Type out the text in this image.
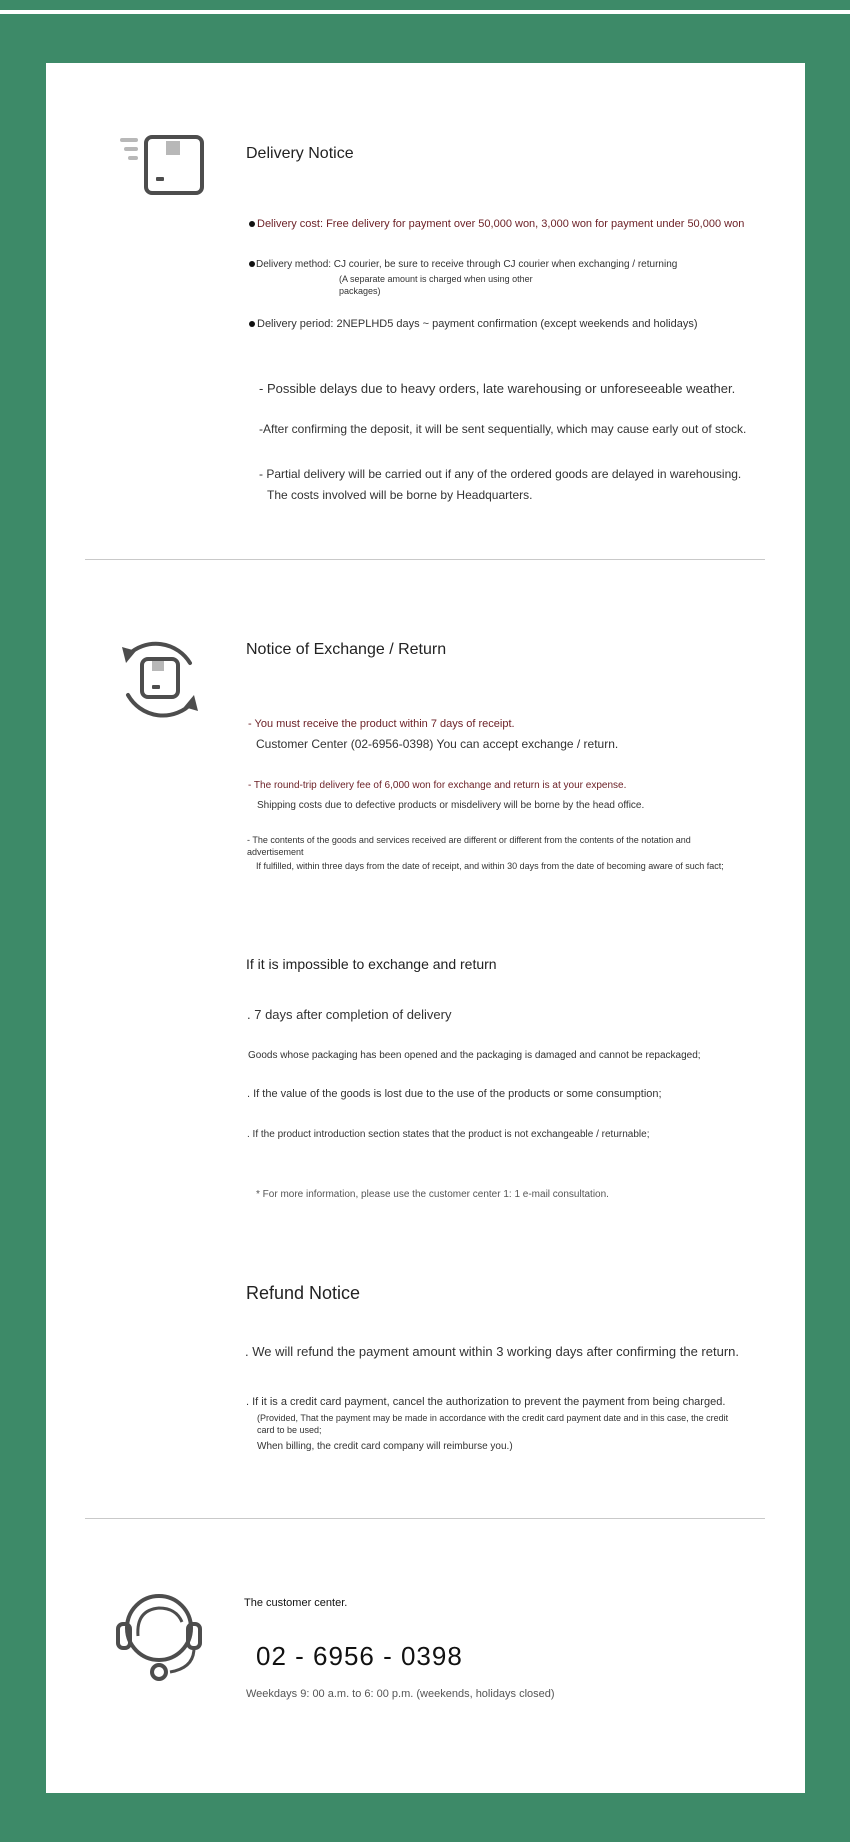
Delivery Notice
Delivery cost: Free delivery for payment over 50,000 won, 3,000 won for payment under 50,000 won
Delivery method: CJ courier, be sure to receive through CJ courier when exchanging / returning
(A separate amount is charged when using other
packages)
Delivery period: 2NEPLHD5 days ~ payment confirmation (except weekends and holidays)
- Possible delays due to heavy orders, late warehousing or unforeseeable weather.
-After confirming the deposit, it will be sent sequentially, which may cause early out of stock.
- Partial delivery will be carried out if any of the ordered goods are delayed in warehousing.
The costs involved will be borne by Headquarters.
Notice of Exchange / Return
- You must receive the product within 7 days of receipt.
Customer Center (02-6956-0398) You can accept exchange / return.
- The round-trip delivery fee of 6,000 won for exchange and return is at your expense.
Shipping costs due to defective products or misdelivery will be borne by the head office.
- The contents of the goods and services received are different or different from the contents of the notation and
advertisement
If fulfilled, within three days from the date of receipt, and within 30 days from the date of becoming aware of such fact;
If it is impossible to exchange and return
. 7 days after completion of delivery
Goods whose packaging has been opened and the packaging is damaged and cannot be repackaged;
. If the value of the goods is lost due to the use of the products or some consumption;
. If the product introduction section states that the product is not exchangeable / returnable;
* For more information, please use the customer center 1: 1 e-mail consultation.
Refund Notice
. We will refund the payment amount within 3 working days after confirming the return.
. If it is a credit card payment, cancel the authorization to prevent the payment from being charged.
(Provided, That the payment may be made in accordance with the credit card payment date and in this case, the credit
card to be used;
When billing, the credit card company will reimburse you.)
The customer center.
02 - 6956 - 0398
Weekdays 9: 00 a.m. to 6: 00 p.m. (weekends, holidays closed)
